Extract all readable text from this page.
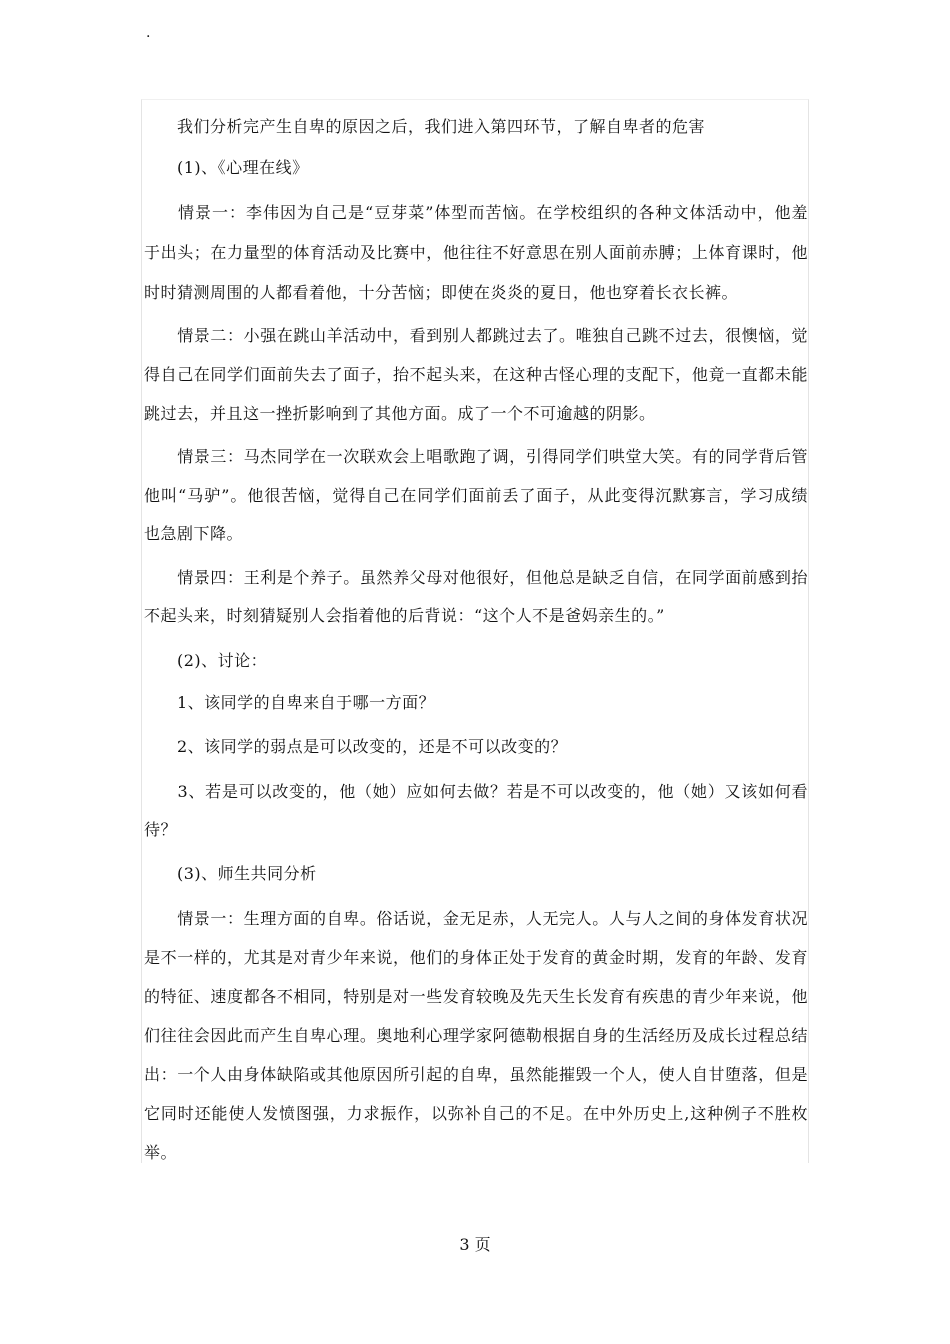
.
　　我们分析完产生自卑的原因之后，我们进入第四环节，了解自卑者的危害
　　(1)、《心理在线》
　　情景一：李伟因为自己是“豆芽菜”体型而苦恼。在学校组织的各种文体活动中，他羞
于出头；在力量型的体育活动及比赛中，他往往不好意思在别人面前赤膊；上体育课时，他
时时猜测周围的人都看着他，十分苦恼；即使在炎炎的夏日，他也穿着长衣长裤。
　　情景二：小强在跳山羊活动中，看到别人都跳过去了。唯独自己跳不过去，很懊恼，觉
得自己在同学们面前失去了面子，抬不起头来，在这种古怪心理的支配下，他竟一直都未能
跳过去，并且这一挫折影响到了其他方面。成了一个不可逾越的阴影。
　　情景三：马杰同学在一次联欢会上唱歌跑了调，引得同学们哄堂大笑。有的同学背后管
他叫“马驴”。他很苦恼，觉得自己在同学们面前丢了面子，从此变得沉默寡言，学习成绩
也急剧下降。
　　情景四：王利是个养子。虽然养父母对他很好，但他总是缺乏自信，在同学面前感到抬
不起头来，时刻猜疑别人会指着他的后背说：“这个人不是爸妈亲生的。”
　　(2)、讨论：
　　1、该同学的自卑来自于哪一方面？
　　2、该同学的弱点是可以改变的，还是不可以改变的？
　　3、若是可以改变的，他（她）应如何去做？若是不可以改变的，他（她）又该如何看
待？
　　(3)、师生共同分析
　　情景一：生理方面的自卑。俗话说，金无足赤，人无完人。人与人之间的身体发育状况
是不一样的，尤其是对青少年来说，他们的身体正处于发育的黄金时期，发育的年龄、发育
的特征、速度都各不相同，特别是对一些发育较晚及先天生长发育有疾患的青少年来说，他
们往往会因此而产生自卑心理。奥地利心理学家阿德勒根据自身的生活经历及成长过程总结
出：一个人由身体缺陷或其他原因所引起的自卑，虽然能摧毁一个人，使人自甘堕落，但是
它同时还能使人发愤图强，力求振作，以弥补自己的不足。在中外历史上,这种例子不胜枚
举。
3 页
